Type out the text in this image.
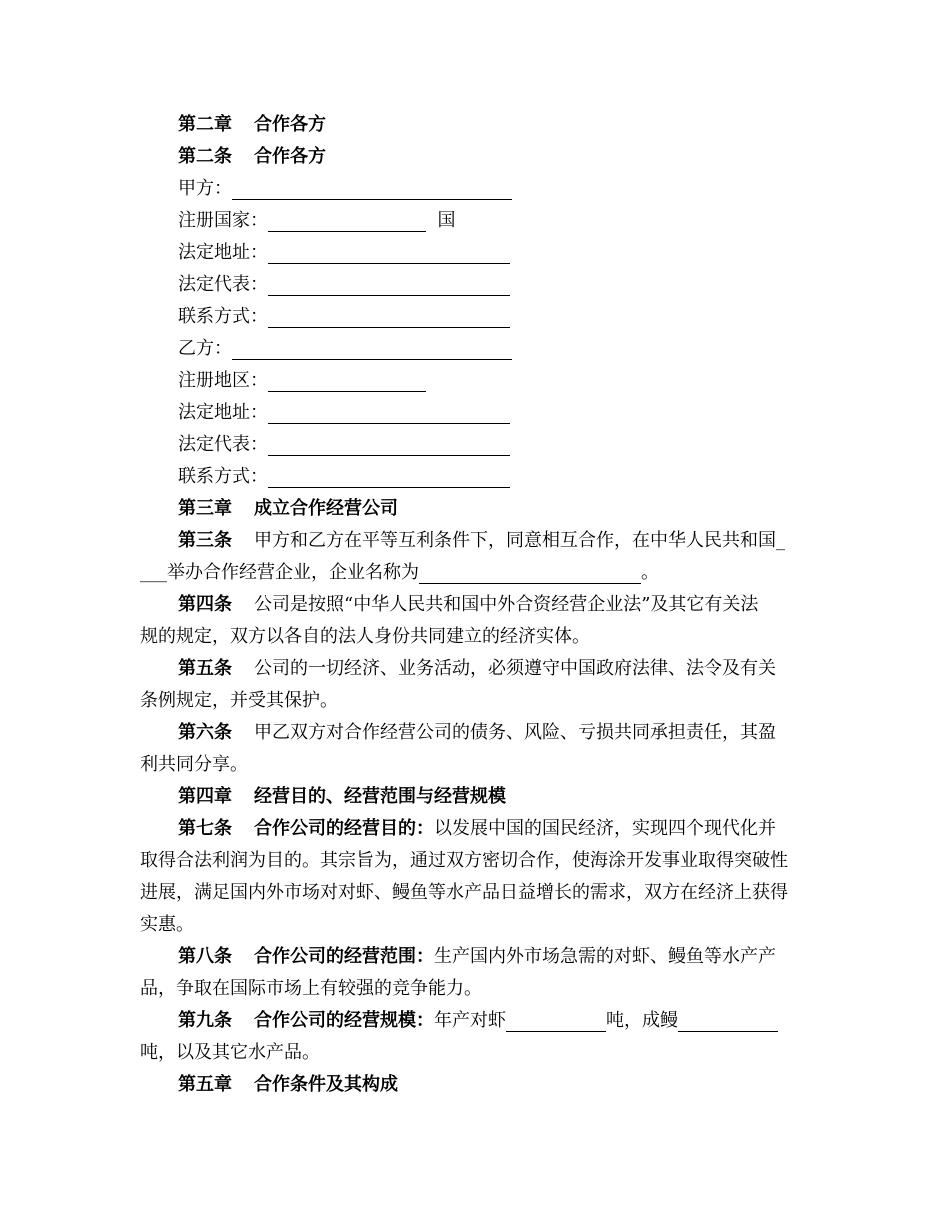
第二章 合作各方
第二条 合作各方
甲方：
注册国家：	国
法定地址：
法定代表：
联系方式：
乙方：
注册地区：
法定地址：
法定代表：
联系方式：
第三章 成立合作经营公司
第三条 甲方和乙方在平等互利条件下，同意相互合作，在中华人民共和国_
___举办合作经营企业，企业名称为	。
第四条 公司是按照“中华人民共和国中外合资经营企业法”及其它有关法
规的规定，双方以各自的法人身份共同建立的经济实体。
第五条 公司的一切经济、业务活动，必须遵守中国政府法律、法令及有关
条例规定，并受其保护。
第六条 甲乙双方对合作经营公司的债务、风险、亏损共同承担责任，其盈
利共同分享。
第四章 经营目的、经营范围与经营规模
第七条 合作公司的经营目的：以发展中国的国民经济，实现四个现代化并
取得合法利润为目的。其宗旨为，通过双方密切合作，使海涂开发事业取得突破性
进展，满足国内外市场对对虾、鳗鱼等水产品日益增长的需求，双方在经济上获得
实惠。
第八条 合作公司的经营范围：生产国内外市场急需的对虾、鳗鱼等水产产
品，争取在国际市场上有较强的竞争能力。
第九条 合作公司的经营规模：年产对虾	吨，成鳗
吨，以及其它水产品。
第五章 合作条件及其构成
